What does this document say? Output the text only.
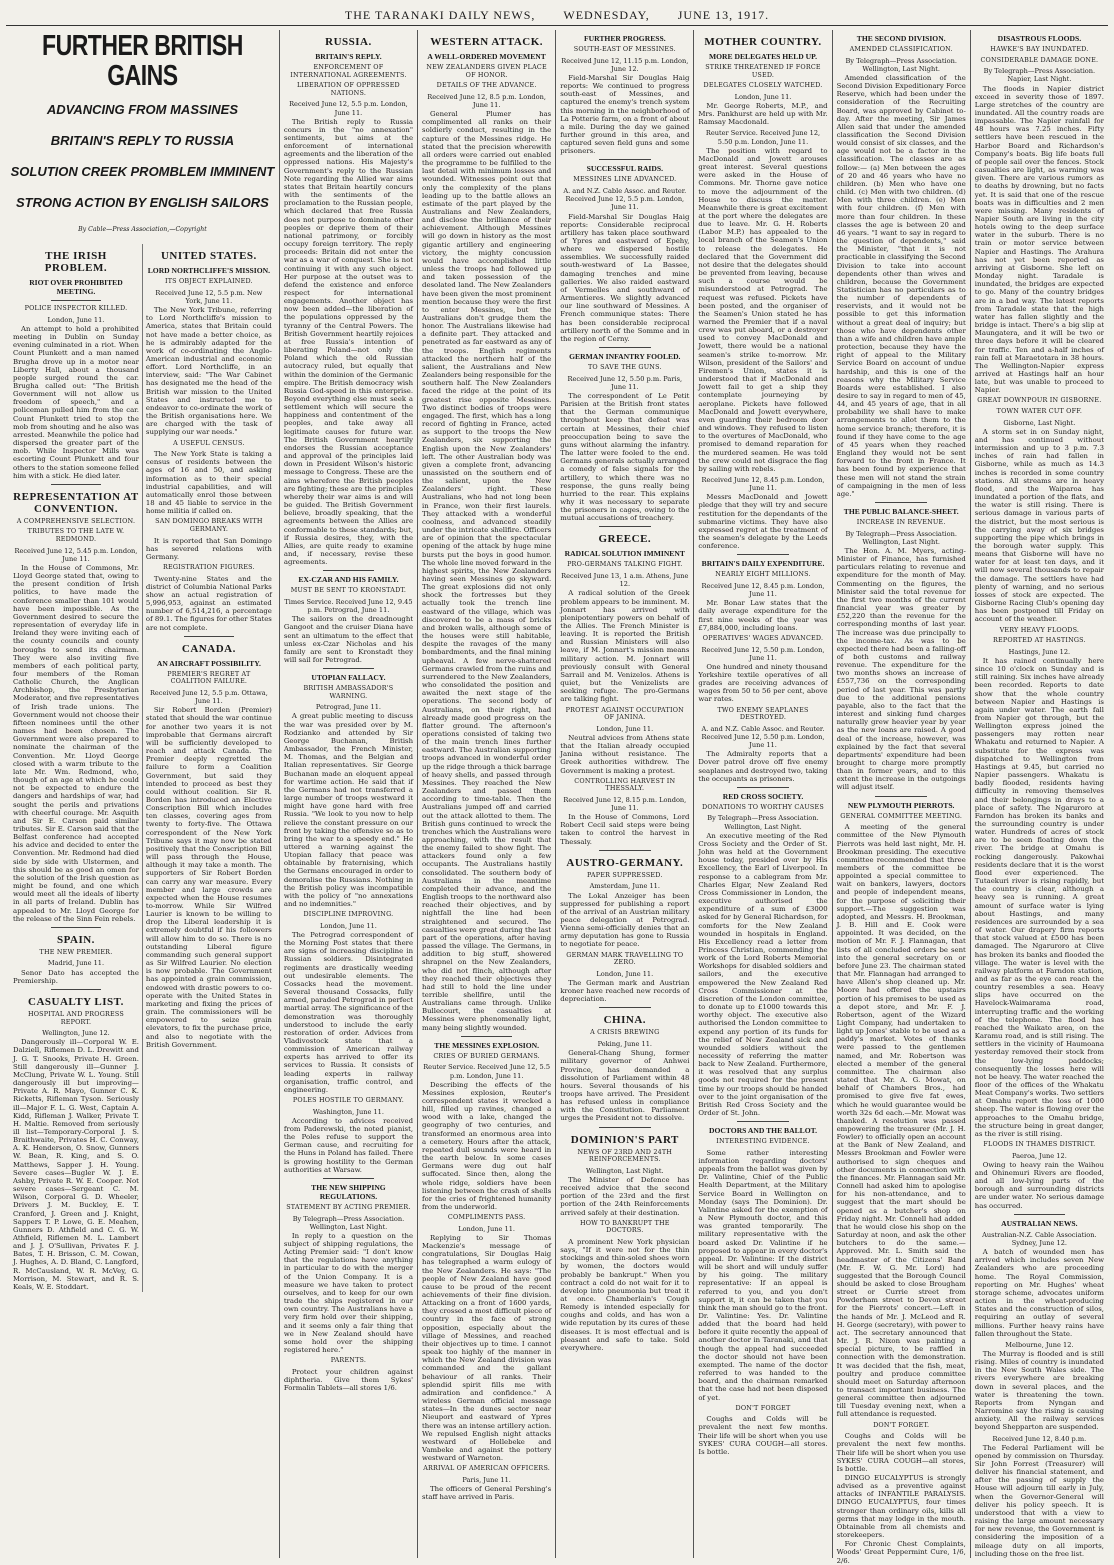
THE TARANAKI DAILY NEWS, WEDNESDAY, JUNE 13, 1917.
FURTHER BRITISH GAINS
ADVANCING FROM MASSINES
BRITAIN'S REPLY TO RUSSIA
SOLUTION CREEK PROMBLEM IMMINENT
STRONG ACTION BY ENGLISH SAILORS
By Cable—Press Association,—Copyright
THE IRISH PROBLEM.
RIOT OVER PROHIBITED MEETING.
POLICE INSPECTOR KILLED.
London, June 11.

An attempt to hold a prohibited meeting in Dublin on Sunday evening culminated in a riot. When Count Plunkett and a man named Brugha drove up in a motor near Liberty Hall, about a thousand people surged round the car. Brugha called out: "The British Government will not allow us freedom of speech," and a policeman pulled him from the car. Count Plunkett tried to stop the mob from shouting and he also was arrested. Meanwhile the police had dispersed the greater part of the mob. While Inspector Mills was escorting Count Plunkett and four others to the station someone felled him with a stick. He died later.

REPRESENTATION AT CONVENTION.
A COMPREHENSIVE SELECTION.
TRIBUTES TO THE LATE W. REDMOND.
Received June 12, 5.45 p.m. London, June 11.

In the House of Commons, Mr. Lloyd George stated that, owing to the present condition of Irish politics, to have made the conference smaller than 101 would have been impossible. As the Government desired to secure the representation of everyday life in Ireland they were inviting each of the county councils and county boroughs to send its chairman. They were also inviting five members of each political party, four members of the Roman Catholic Church, the Anglican Archbishop, the Presbyterian Moderator, and five representatives of Irish trade unions. The Government would not choose their fifteen nominees until the other names had been chosen. The Government were also prepared to nominate the chairman of the Convention. Mr. Lloyd George closed with a warm tribute to the late Mr. Wm. Redmond, who, though of an age at which he could not be expected to endure the dangers and hardships of war, had sought the perils and privations with cheerful courage. Mr. Asquith and Sir E. Carson paid similar tributes. Sir E. Carson said that the Belfast conference had accepted his advice and decided to enter the Convention. Mr. Redmond had died side by side with Ulstermen, and this should be as good an omen for the solution of the Irish question as might be found, and one which would meet all the ideals of liberty in all parts of Ireland. Dublin has appealed to Mr. Lloyd George for the release of the Sinn Fein rebels.

SPAIN.
THE NEW PREMIER.
Madrid, June 11.

Senor Dato has accepted the Premiership.

CASUALTY LIST.
HOSPITAL AND PROGRESS REPORT.
Wellington, June 12.

Dangerously ill—Corporal W. E. Dalziell, Riflemen D. L. Drewitt and J. G. T. Snooks, Private H. Green. Still dangerously ill—Gunner J. McClung, Private W. L. Young. Still dangerously ill but improving—Private A. R. Mayo, Gunner C. K. Ricketts, Rifleman Tyson. Seriously ill—Major F. L. G. West, Captain A. Kidd, Rifleman J. Walker, Private T. H. Maltie. Removed from seriously ill list—Temporary-Corporal J. S. Braithwaite, Privates H. C. Conway, A. K. Henderson, O. Snow, Gunners W. Bean, R. King, and S. O. Matthews, Sapper J. H. Young. Severe cases—Bugler W. J. E. Ashby, Private R. W. E. Cooper. Not severe cases—Sergeant C. M. Wilson, Corporal G. D. Wheeler, Drivers J. M. Buckley, E. T. Cranford, J. Green and J. Knight, Sappers T. P. Lowe, G. E. Meahen, Gunners D. Athfield and C. G. W. Athfield, Riflemen M. L. Lambert and J. J. O'Sullivan, Privates F. J. Bates, T. H. Brisson, C. M. Cowan, J. Hughes, A. D. Bland, C. Langford, R. McCausland, W. R. McVey, G. Morrison, M. Stewart, and R. S. Keals, W. E. Stoddart.

UNITED STATES.
LORD NORTHCLIFFE'S MISSION.
ITS OBJECT EXPLAINED.
Received June 12, 5.5 p.m. New York, June 11.

The New York Tribune, referring to Lord Northcliffe's mission to America, states that Britain could not have made a better choice, as he is admirably adapted for the work of co-ordinating the Anglo-American industrial and economic effort. Lord Northcliffe, in an interview, said: "The War Cabinet has designated me the head of the British war mission to the United States and instructed me to endeavor to co-ordinate the work of the British organisations here. We are charged with the task of supplying our war needs."

A USEFUL CENSUS.

The New York State is taking a census of residents between the ages of 16 and 50, and asking information as to their special industrial capabilities, and will automatically enrol those between 18 and 45 liable to service in the home militia if called on.

SAN DOMINGO BREAKS WITH GERMANY.

It is reported that San Domingo has severed relations with Germany.

REGISTRATION FIGURES.

Twenty-nine States and the district of Columbia National Parks show an actual registration of 5,996,953, against an estimated number of 6,514,216, a percentage of 89.1. The figures for other States are not complete.

CANADA.
AN AIRCRAFT POSSIBILITY.
PREMIER'S REGRET AT COALITION FAILURE.
Received June 12, 5.5 p.m. Ottawa, June 11.

Sir Robert Borden (Premier) stated that should the war continue for another two years it is not improbable that Germans aircraft will be sufficiently developed to reach and attack Canada. The Premier deeply regretted the failure to form a Coalition Government, but said they intended to proceed as best they could without coalition. Sir R. Borden has introduced an Elective Conscription Bill which includes ten classes, covering ages from twenty to forty-five. The Ottawa correspondent of the New York Tribune says it may now be stated positively that the Conscription Bill will pass through the House, although it may take a month. The supporters of Sir Robert Borden can carry any war measure. Every member and large crowds are expected when the House resumes to-morrow. While Sir Wilfred Laurier is known to be willing to drop the Liberal leadership it is extremely doubtful if his followers will allow him to do so. There is no outstanding Liberal figure commanding such general support as Sir Wilfred Laurier. No election is now probable. The Government has appointed a grain commission, endowed with drastic powers to co-operate with the United States in marketing and fixing the prices of grain. The commissioners will be empowered to seize grain elevators, to fix the purchase price, and also to negotiate with the British Government.

RUSSIA.
BRITAIN'S REPLY.
ENFORCEMENT OF INTERNATIONAL AGREEMENTS.
LIBERATION OF OPPRESSED NATIONS.
Received June 12, 5.5 p.m. London, June 11.

The British reply to Russia concurs in the "no annexation" sentiments, but aims at the enforcement of international agreements and the liberation of the oppressed nations. His Majesty's Government's reply to the Russian Note regarding the Allied war aims states that Britain heartily concurs with the sentiments of the proclamation to the Russian people, which declared that free Russia does not purpose to dominate other peoples or deprive them of their national patrimony, or forcibly occupy foreign territory. The reply proceeds: Britain did not enter the war as a war of conquest. She is not continuing it with any such object. Her purpose at the outset was to defend the existence and enforce respect for international engagements. Another object has now been added—the liberation of the populations oppressed by the tyranny of the Central Powers. The British Government heartily rejoices at free Russia's intention of liberating Poland—not only the Poland which the old Russian autocracy ruled, but equally that within the dominion of the Germanic empire. The British democracy wish Russia God-speed in this enterprise. Beyond everything else must seek a settlement which will secure the happiness and contentment of the peoples, and take away all legitimate causes for future war. The British Government heartily endorses the Russian acceptance and approval of the principles laid down in President Wilson's historic message to Congress. These are the aims wherefore the British peoples are fighting; these are the principles whereby their war aims is and will be guided. The British Government believe, broadly speaking, that the agreements between the Allies are conformable to these standards; but, if Russia desires, they, with the Allies, are quite ready to examine and, if necessary, revise these agreements.

EX-CZAR AND HIS FAMILY.
MUST BE SENT TO KRONSTADT.
Times Service. Received June 12, 9.45 p.m. Petrograd, June 11.

The sailors on the dreadnought Gangoot and the cruiser Diana have sent an ultimatum to the effect that unless ex-Czar Nicholas and his family are sent to Kronstadt they will sail for Petrograd.

UTOPIAN FALLACY.
BRITISH AMBASSADOR'S WARNING.
Petrograd, June 11.

A great public meeting to discuss the war was presided over by M. Rodzianko and attended by Sir George Buchanan, British Ambassador, the French Minister, M. Thomas, and the Belgian and Italian representatives. Sir George Buchanan made an eloquent appeal for wartime action. He said that if the Germans had not transferred a large number of troops westward it might have gone hard with free Russia. "We look to you now to help relieve the constant pressure on our front by taking the offensive so as to bring the war to a speedy end." He uttered a warning against the Utopian fallacy that peace was obtainable by fraternising, which the Germans encouraged in order to demoralise the Russians. Nothing in the British policy was incompatible with the policy of "no annexations and no indemnities."

DISCIPLINE IMPROVING.
London, June 11.

The Petrograd correspondent of the Morning Post states that there are signs of increasing discipline in Russian soldiers. Disintegrated regiments are drastically weeding out undesirable elements. The Cossacks head the movement. Several thousand Cossacks, fully armed, paraded Petrograd in perfect martial array. The significance of the demonstration was thoroughly understood to include the early restoration of order. Advices from Vladivostock state that a commission of American railway experts has arrived to offer its services to Russia. It consists of leading experts in railway organisation, traffic control, and engineering.

POLES HOSTILE TO GERMANY.
Washington, June 11.

According to advices received from Paderewski, the noted pianist, the Poles refuse to support the German cause, and recruiting for the Huns in Poland has failed. There is growing hostility to the German authorities at Warsaw.

THE NEW SHIPPING REGULATIONS.
STATEMENT BY ACTING PREMIER.
By Telegraph—Press Association. Wellington, Last Night.

In reply to a question on the subject of shipping regulations, the Acting Premier said: "I don't know that the regulations have anything in particular to do with the merger of the Union Company. It is a measure we have taken to protect ourselves, and to keep for our own trade the ships registered in our own country. The Australians have a very firm hold over their shipping, and it seems only a fair thing that we in New Zealand should have some hold over the shipping registered here."

PARENTS.

Protect your children against diphtheria. Give them Sykes' Formalin Tablets—all stores 1/6.

WESTERN ATTACK.
A WELL-ORDERED MOVEMENT
NEW ZEALANDERS GIVEN PLACE OF HONOR.
DETAILS OF THE ADVANCE.
Received June 12, 8.5 p.m. London, June 11.

General Plumer has complimented all ranks on their soldierly conduct, resulting in the capture of the Messines ridge. He stated that the precision wherewith all orders were carried out enabled the programme to be fulfilled to the last detail with minimum losses and wounded. Witnesses point out that only the complexity of the plans leading up to the battle allows an estimate of the part played by the Australians and New Zealanders, and disclose the brilliance of their achievement. Although Messines will go down in history as the most gigantic artillery and engineering victory, the mighty concussion would have accomplished little unless the troops had followed up and taken possession of the desolated land. The New Zealanders have been given the most prominent mention because they were the first to enter Messines, but the Australians don't grudge them the honor. The Australians likewise had a definite part. They attacked and penetrated as far eastward as any of the troops. English regiments attacked the northern half of the salient, the Australians and New Zealanders being responsible for the southern half. The New Zealanders faced the ridge at the point of its greatest rise opposite Messines. Two distinct bodies of troops were engaged. The first, which has a long record of fighting in France, acted as support to the troops the New Zealanders, six supporting the English upon the New Zealanders' left. The other Australian body was given a complete front, advancing unassisted on the southern end of the salient, upon the New Zealanders' right. These Australians, who had not long been in France, won their first laurels. They attacked with a wonderful coolness, and advanced steadily under the intricate shellfire. Officers are of opinion that the spectacular opening of the attack by huge mine bursts put the boys in good humor. The whole line moved forward in the highest spirits, the New Zealanders having seen Messines go skyward. The great explosions did not only shock the fortresses but they actually took the trench line eastward of the village, which was discovered to be a mass of bricks and broken walls, although some of the houses were still habitable, despite the ravages of the many bombardments, and the final mining upheaval. A few nerve-shattered Germans crawled from the ruins and surrendered to the New Zealanders, who consolidated the position and awaited the next stage of the operations. The second body of Australians, on their right, had already made good progress on the flatter ground. The afternoon's operations consisted of taking two of the main trench lines further eastward. The Australian supporting troops advanced in wonderful order up the ridge through a thick barrage of heavy shells, and passed through Messines. They reached the New Zealanders and passed them according to time-table. Then the Australians jumped off and carried out the attack allotted to them. The British guns continued to wreck the trenches which the Australians were approaching, with the result that the enemy failed to show fight. The attackers found only a few occupants. The Australians hastily consolidated. The southern body of Australians in the meantime completed their advance, and the English troops to the northward also reached their objectives, and by nightfall the line had been straightened and secured. The casualties were great during the last part of the operations, after having passed the village. The Germans, in addition to big stuff, showered shrapnel on the New Zealanders, who did not flinch, although after they reached their objectives they had still to hold the line under terrible shellfire, until the Australians came through. Unlike Bullecourt, the casualties at Messines were phenomenally light, many being slightly wounded.

THE MESSINES EXPLOSION.
CRIES OF BURIED GERMANS.
Reuter Service. Received June 12, 5.5 p.m. London, June 11.

Describing the effects of the Messines explosion, Reuter's correspondent states it wrecked a hill, filled up ravines, changed a wood with a lake, changed the geography of two centuries, and transformed an enormous area into a cemetery. Hours after the attack, repeated dull sounds were heard in the earth below. In some cases Germans were dug out half suffocated. Since then, along the whole ridge, soldiers have been listening between the crash of shells for the cries of frightened humanity from the underworld.

COMPLIMENTS PASS.
London, June 11.

Replying to Sir Thomas Mackenzie's message of congratulations, Sir Douglas Haig has telegraphed a warm eulogy of the New Zealanders. He says: "The people of New Zealand have good cause to be proud of the recent achievements of their fine division. Attacking on a front of 1600 yards, they crossed a most difficult piece of country in the face of strong opposition, especially about the village of Messines, and reached their objectives up to time. I cannot speak too highly of the manner in which the New Zealand division was commanded and the gallant behaviour of all ranks. Their splendid spirit fills me with admiration and confidence." A wireless German official message states—In the dunes sector near Nieuport and eastward of Ypres there was an intense artillery action. We repulsed English night attacks westward of Hollebeke and Vambeke and against the pottery westward of Warneton.

ARRIVAL OF AMERICAN OFFICERS.
Paris, June 11.

The officers of General Pershing's staff have arrived in Paris.

FURTHER PROGRESS.
SOUTH-EAST OF MESSINES.
Received June 12, 11.15 p.m. London, June 12.

Field-Marshal Sir Douglas Haig reports: We continued to progress south-east of Messines, and captured the enemy's trench system this morning in the neighborhood of La Potterie farm, on a front of about a mile. During the day we gained further ground in this area, and captured seven field guns and some prisoners.

SUCCESSFUL RAIDS.
MESSINES LINE ADVANCED.
A. and N.Z. Cable Assoc. and Reuter. Received June 12, 5.5 p.m. London, June 11.

Field-Marshal Sir Douglas Haig reports: Considerable reciprocal artillery has taken place southward of Ypres and eastward of Epehy, where we dispersed hostile assemblies. We successfully raided south-westward of La Bassee, damaging trenches and mine galleries. We also raided eastward of Vermelles and southward of Armentieres. We slightly advanced our line southward of Messines. A French communique states: There has been considerable reciprocal artillery north of the Somme and in the region of Cerny.

GERMAN INFANTRY FOOLED.
TO SAVE THE GUNS.
Received June 12, 5.50 p.m. Paris, June 11.

The correspondent of Le Petit Parisien at the British front states that the German communique throughout keep that defeat was certain at Messines, their chief preoccupation being to save the guns without alarming the infantry. The latter were fooled to the end. Germans generals actually arranged a comedy of false signals for the artillery, to which there was no response, the guns really being hurried to the rear. This explains why it was necessary to separate the prisoners in cages, owing to the mutual accusations of treachery.

GREECE.
RADICAL SOLUTION IMMINENT
PRO-GERMANS TALKING FIGHT.
Received June 13, 1 a.m. Athens, June 12.

A radical solution of the Greek problem appears to be imminent. M. Jonnart has arrived with plenipotentiary powers on behalf of the Allies. The French Minister is leaving. It is reported the British and Russian Ministers will also leave, if M. Jonnart's mission means military action. M. Jonnart will previously consult with General Sarrail and M. Venizelos. Athens is quiet, but the Venizelists are seeking refuge. The pro-Germans are talking fight.

PROTEST AGAINST OCCUPATION OF JANINA.
London, June 11.

Neutral advices from Athens state that the Italian already occupied Janina without resistance. The Greek authorities withdrew. The Government is making a protest.

CONTROLLING HARVEST IN THESSALY.
Received June 12, 8.15 p.m. London, June 11.

In the House of Commons, Lord Robert Cecil said steps were being taken to control the harvest in Thessaly.

AUSTRO-GERMANY.
PAPER SUPPRESSED.
Amsterdam, June 11.

The Lokal Anzeiger has been suppressed for publishing a report of the arrival of an Austrian military peace delegation at Petrograd. Vienna semi-officially denies that an army deputation has gone to Russia to negotiate for peace.

GERMAN MARK TRAVELLING TO ZERO.
London, June 11.

The German mark and Austrian kroner have reached new records of depreciation.

CHINA.
A CRISIS BREWING
Peking, June 11.

General-Chang Shung, former military governor of Anhwei Province, has demanded a dissolution of Parliament within 48 hours. Several thousands of his troops have arrived. The President has refused unless in compliance with the Constitution. Parliament urges the President not to dissolve.

DOMINION'S PART
NEWS OF 23RD AND 24TH REINFORCEMENTS.
Wellington, Last Night.

The Minister of Defence has received advice that the second portion of the 23rd and the first portion of the 24th Reinforcements arrived safely at their destination.

HOW TO BANKRUPT THE DOCTORS.

A prominent New York physician says, "If it were not for the thin stockings and thin-soled shoes worn by women, the doctors would probably be bankrupt." When you contract a cold do not wait for it to develop into pneumonia but treat it at once. Chamberlain's Cough Remedy is intended especially for coughs and colds, and has won a wide reputation by its cures of these diseases. It is most effectual and is pleasant and safe to take. Sold everywhere.

MOTHER COUNTRY.
MORE DELEGATES HELD UP.
STRIKE THREATENED IF FORCE USED.
DELEGATES CLOSELY WATCHED.
London, June 11.

Mr. George Roberts, M.P., and Mrs. Pankhurst are held up with Mr. Ramsay Macdonald.

Reuter Service. Received June 12, 5.50 p.m. London, June 11.

The position with regard to MacDonald and Jowett arouses great interest. Several questions were asked in the House of Commons. Mr. Thorne gave notice to move the adjournment of the House to discuss the matter. Meanwhile there is great excitement at the port where the delegates are due to leave. Mr. G. H. Roberts (Labor M.P.) has appealed to the local branch of the Seamen's Union to release the delegates. He declared that the Government did not desire that the delegates should be prevented from leaving, because such a course would be misunderstood at Petrograd. The request was refused. Pickets have been posted, and the organiser of the Seamen's Union stated he has warned the Premier that if a naval crew was put aboard, or a destroyer used to convey MacDonald and Jowett, there would be a national seamen's strike to-morrow. Mr. Wilson, president of the Sailors' and Firemen's Union, states it is understood that if MacDonald and Jowett fail to get a ship they contemplate journeying by aeroplane. Pickets have followed MacDonald and Jowett everywhere, even guarding their bedroom door and windows. They refused to listen to the overtures of MacDonald, who promised to demand reparation for the murdered seamen. He was told the crew could not disgrace the flag by sailing with rebels.

Received June 12, 8.45 p.m. London, June 11.

Messrs MacDonald and Jowett pledge that they will try and secure restitution for the dependants of the submarine victims. They have also expressed regret at the treatment of the seamen's delegate by the Leeds conference.

BRITAIN'S DAILY EXPENDITURE.
NEARLY EIGHT MILLIONS.
Received June 12, 8.45 p.m. London, June 11.

Mr. Bonar Law states that the daily average expenditure for the first nine weeks of the year was £7,884,000, including loans.

OPERATIVES' WAGES ADVANCED.
Received June 12, 5.50 p.m. London, June 11.

One hundred and ninety thousand Yorkshire textile operatives of all grades are receiving advances of wages from 50 to 56 per cent, above war rates.

TWO ENEMY SEAPLANES DESTROYED.
A. and N.Z. Cable Assoc. and Reuter. Received June 12, 5.50 p.m. London, June 11.

The Admiralty reports that a Dover patrol drove off five enemy seaplanes and destroyed two, taking the occupants as prisoners.

RED CROSS SOCIETY.
DONATIONS TO WORTHY CAUSES
By Telegraph—Press Association. Wellington, Last Night.

An executive meeting of the Red Cross Society and the Order of St. John was held at the Government house today, presided over by His Excellency, the Earl of Liverpool. In response to a cablegram from Mr. Charles Elgar, New Zealand Red Cross Commissioner in London, the executive authorised the expenditure of a sum of £3000 asked for by General Richardson, for comforts for the New Zealand wounded in hospitals in England. His Excellency read a letter from Princess Christian, commending the work of the Lord Roberts Memorial Workshops for disabled soldiers and sailors, and the executive empowered the New Zealand Red Cross Commissioner at the discretion of the London committee, to donate up to £1000 towards this worthy object. The executive also authorised the London committee to expend any portion of its funds for the relief of New Zealand sick and wounded soldiers without the necessity of referring the matter back to New Zealand. Furthermore, it was resolved that any surplus goods not required for the present time by our troops should be handed over to the joint organisation of the British Red Cross Society and the Order of St. John.

DOCTORS AND THE BALLOT.
INTERESTING EVIDENCE.

Some rather interesting information regarding doctors' appeals from the ballot was given by Dr. Valintine, Chief of the Public Health Department, at the Military Service Board in Wellington on Monday (says The Dominion). Dr. Valintine asked for the exemption of a New Plymouth doctor, and this was granted temporarily. The military representative with the board asked Dr. Valintine if he proposed to appear in every doctor's appeal. Dr. Valintine: If the district will be short and will unduly suffer by his going. The military representative: If an appeal is referred to you, and you don't support it, it can be taken that you think the man should go to the front. Dr. Valintine: Yes. Dr. Valintine added that the board had held before it quite recently the appeal of another doctor in Taranaki, and that though the appeal had succeeded the doctor should not have been exempted. The name of the doctor referred to was handed to the board, and the chairman remarked that the case had not been disposed of yet.

DON'T FORGET

Coughs and Colds will be prevalent the next few months. Their life will be short when you use SYKES' CURA COUGH—all stores. Is bottle.

THE SECOND DIVISION.
AMENDED CLASSIFICATION.
By Telegraph—Press Association. Wellington, Last Night.

Amended classification of the Second Division Expeditionary Force Reserve, which had been under the consideration of the Recruiting Board, was approved by Cabinet to-day. After the meeting, Sir James Allen said that under the amended classification the Second Division would consist of six classes, and the age would not be a factor in the classification. The classes are as follow:— (a) Men between the ages of 20 and 46 years who have no children. (b) Men who have one child. (c) Men with two children. (d) Men with three children. (e) Men with four children. (f) Men with more than four children. In these classes the age is between 20 and 46 years. "I want to say in regard to the question of dependents," said the Minister, "that it is not practicable in classifying the Second Division to take into account dependents other than wives and children, because the Government Statistician has no particulars as to the number of dependents of reservists, and it would not be possible to get this information without a great deal of inquiry; but those who have dependents other than a wife and children have ample protection, because they have the right of appeal to the Military Service Board on account of undue hardship, and this is one of the reasons why the Military Service Boards were established. I also desire to say in regard to men of 45, 44, and 45 years of age, that in all probability we shall have to make arrangements to allot them to the home service branch; therefore, it is found if they have come to the age of 45 years when they reached England they would not be sent forward to the front in France. It has been found by experience that these men will not stand the strain of campaigning in the men of less age."

THE PUBLIC BALANCE-SHEET.
INCREASE IN REVENUE.
By Telegraph—Press Association. Wellington, Last Night.

The Hon. A. M. Myers, acting-Minister of Finance, has furnished particulars relating to revenue and expenditure for the month of May. Commenting on the figures, the Minister said the total revenue for the first two months of the current financial year was greater by £52,220 than the revenue for the corresponding months of last year. The increase was due principally to the income-tax. As was to be expected there had been a falling-off of both customs and railway revenue. The expenditure for the two months shows an increase of £557,736 on the corresponding period of last year. This was partly due to the additional pensions payable, also to the fact that the interest and sinking fund charges naturally grew heavier year by year as the new loans are raised. A good deal of the increase, however, was explained by the fact that several departments' expenditure had been brought to charge more promptly than in former years, and to this extent the increase in the outgoings will adjust itself.

NEW PLYMOUTH PIERROTS.
GENERAL COMMITTEE MEETING.

A meeting of the general committee of the New Plymouth Pierrots was held last night, Mr. H. Brookman presiding. The executive committee recommended that three members of the committee be appointed a special committee to wait on bankers, lawyers, doctors and people of independent means, for the purpose of soliciting their support.—The suggestion was adopted, and Messrs. H. Brookman, J. B. Hill and E. Cook were appointed. It was decided, on the motion of Mr. F. J. Flannagan, that lists of all concluded orders be sent into the general secretary on or before June 23. The chairman stated that Mr. Flannagan had arranged to have Allen's shop cleaned up. Mr. Moore had offered the upstairs portion of his premises to be used as a depot store, and Mr. F. J. Robertson, agent of the Wizard Light Company, had undertaken to light up Jones' stable to be used as a paddy's market. Votes of thanks were passed to the gentlemen named, and Mr. Robertson was elected a member of the general committee. The chairman also stated that Mr. A. G. Mowat, on behalf of Chambers Bros., had promised to give five fat ewes, which he would guarantee would be worth 32s 6d each.—Mr. Mowat was thanked. A resolution was passed empowering the treasurer (Mr. J. H. Fowler) to officially open an account at the Bank of New Zealand, and Messrs Brookman and Fowler were authorised to sign cheques and other documents in connection with the finances. Mr. Flannagan said Mr. Connell had asked him to apologise for his non-attendance, and to suggest that the mart should be opened as a butcher's shop on Friday night. Mr. Connell had added that he would close his shop on the Saturday at noon, and ask the other butchers to do the same.—Approved. Mr. L. Smith said the headmaster of the Citizens' Band (Mr. F. W. G. Mr. Lord) had suggested that the Borough Council should be asked to close Brougham street or Currie street from Powderham street to Devon street for the Pierrots' concert.—Left in the hands of Mr. J. McLeod and R. H. George (secretary), with power to act. The secretary announced that Mr. J. R. Nixon was painting a special picture, to be raffled in connection with the demonstration. It was decided that the fish, meat, poultry and produce committee should meet on Saturday afternoon to transact important business. The general committee then adjourned till Tuesday evening next, when a full attendance is requested.

DON'T FORGET.

Coughs and Colds will be prevalent the next few months. Their life will be short when you use SYKES' CURA COUGH—all stores, Is bottle.

DINGO EUCALYPTUS is strongly advised as a preventive against attacks of INFANTILE PARALYSIS. DINGO EUCALYPTUS, four times stronger than ordinary oils, kills all germs that may lodge in the mouth. Obtainable from all chemists and storekeepers.

For Chronic Chest Complaints, Woods' Great Peppermint Cure, 1/6, 2/6.

DISASTROUS FLOODS.
HAWKE'S BAY INUNDATED.
CONSIDERABLE DAMAGE DONE.
By Telegraph—Press Association. Napier, Last Night.

The floods in Napier district exceed in severity those of 1897. Large stretches of the country are inundated. All the country roads are impassable. The Napier rainfall for 48 hours was 7.25 inches. Fifty settlers have been rescued in the Harbor Board and Richardson's Company's boats. Big life boats full of people sail over the fences. Stock casualties are light, as warning was given. There are various rumors as to deaths by drowning, but no facts yet. It is said that one of the rescue boats was in difficulties and 2 men were missing. Many residents of Napier South are living in the city hotels owing to the deep surface water in the suburb. There is no train or motor service between Napier and Hastings. The Arahura has not yet been reported as arriving at Gisborne. She left on Monday night. Taradale is inundated, the bridges are expected to go. Many of the country bridges are in a bad way. The latest reports from Taradale state that the high water has fallen slightly and the bridge is intact. There's a big slip at Maungatera, and it will be two or three days before it will be cleared for traffic. Ten and a-half inches of rain fell at Maraetotara in 38 hours. The Wellington-Napier express arrived at Hastings half an hour late, but was unable to proceed to Napier.

GREAT DOWNPOUR IN GISBORNE.
TOWN WATER CUT OFF.
Gisborne, Last Night.

A storm set in on Sunday night, and has continued without intermission and up to 3 p.m. 7.3 inches of rain had fallen in Gisborne, while as much as 14.3 inches is recorded in some country stations. All streams are in heavy flood, and the Waiparoa has inundated a portion of the flats, and the water is still rising. There is serious damage in various parts of the district, but the most serious is the carrying away of six bridges supporting the pipe which brings in the borough water supply. This means that Gisborne will have no water for at least ten days, and it will now several thousands to repair the damage. The settlers have had plenty of warning, and no serious losses of stock are expected. The Gisborne Racing Club's opening day has been postponed till Friday on account of the weather.

VERY HEAVY FLOODS.
REPORTED AT HASTINGS.
Hastings, June 12.

It has rained continually here since 10 o'clock on Sunday and is still raining. Six inches have already been recorded. Reports to date show that the whole country between Napier and Hastings is again under water. The earth fall from Napier got through, but the Wellington express joined the passengers may rotten near Whakatu and returned to Napier. A substitute for the express was dispatched to Wellington from Hastings at 9.45, but carried no Napier passengers. Whakatu is badly flooded, residents having difficulty in removing themselves and their belongings in drays to a place of safety. The Ngaruroro at Farndon has broken its banks and the surrounding country is under water. Hundreds of acres of stock are to be seen floating down the river. The bridge at Omahu is rocking dangerously. Pakowhai residents declare that it is the worst flood ever experienced. The Tutaekuri river is rising rapidly, but the country is clear, although a heavy sea is running. A great amount of surface water is lying about Hastings, and many residences are surrounded by a sea of water. Our drapery firm reports that stock valued at £500 has been damaged. The Ngaruroro at Clive has broken its banks and flooded the village. The water is level with the railway platform at Farndon station, and as far as the eye can reach the country resembles a sea. Heavy slips have occurred on the Havelock-Waimarama road, interrupting traffic and the working of the telephone. The flood has reached the Waikato area, on the Karamu road, and is still rising. The settlers in the vicinity of Haumoana yesterday removed their stock from the low-lying paddocks; consequently the losses here will not be heavy. The water reached the floor of the offices of the Whakatu Meat Company's works. Two settlers at Omahu report the loss of 1000 sheep. The water is flowing over the approaches to the Omahu bridge, the structure being in great danger, as the river is still rising.

FLOODS IN THAMES DISTRICT.
Paeroa, June 12.

Owing to heavy rain the Waihou and Ohinemuri Rivers are flooded, and all low-lying parts of the borough and surrounding districts are under water. No serious damage has occurred.

AUSTRALIAN NEWS.
Australian-N.Z. Cable Association. Sydney, June 12.

A batch of wounded men has arrived which includes seven New Zealanders who are proceeding home. The Royal Commission, reporting on Mr. Hughes' wheat storage scheme, advocates uniform action in the wheat-producing States and the construction of silos, requiring an outlay of several millions. Further heavy rains have fallen throughout the State.

Melbourne, June 12.

The Murray is flooded and is still rising. Miles of country is inundated in the New South Wales side. The rivers everywhere are breaking down in several places, and the water is threatening the town. Reports from Nyngan and Narromine say the rising is causing anxiety. All the railway services beyond Shepparton are suspended.

Received June 12, 8.40 p.m.

The Federal Parliament will be opened by commission on Thursday. Sir John Forrest (Treasurer) will deliver his financial statement, and after the passing of supply the House will adjourn till early in July, when the Governor-General will deliver his policy speech. It is understood that with a view to raising the large amount necessary for new revenue, the Government is considering the imposition of a mileage duty on all imports, including those on the free list.
